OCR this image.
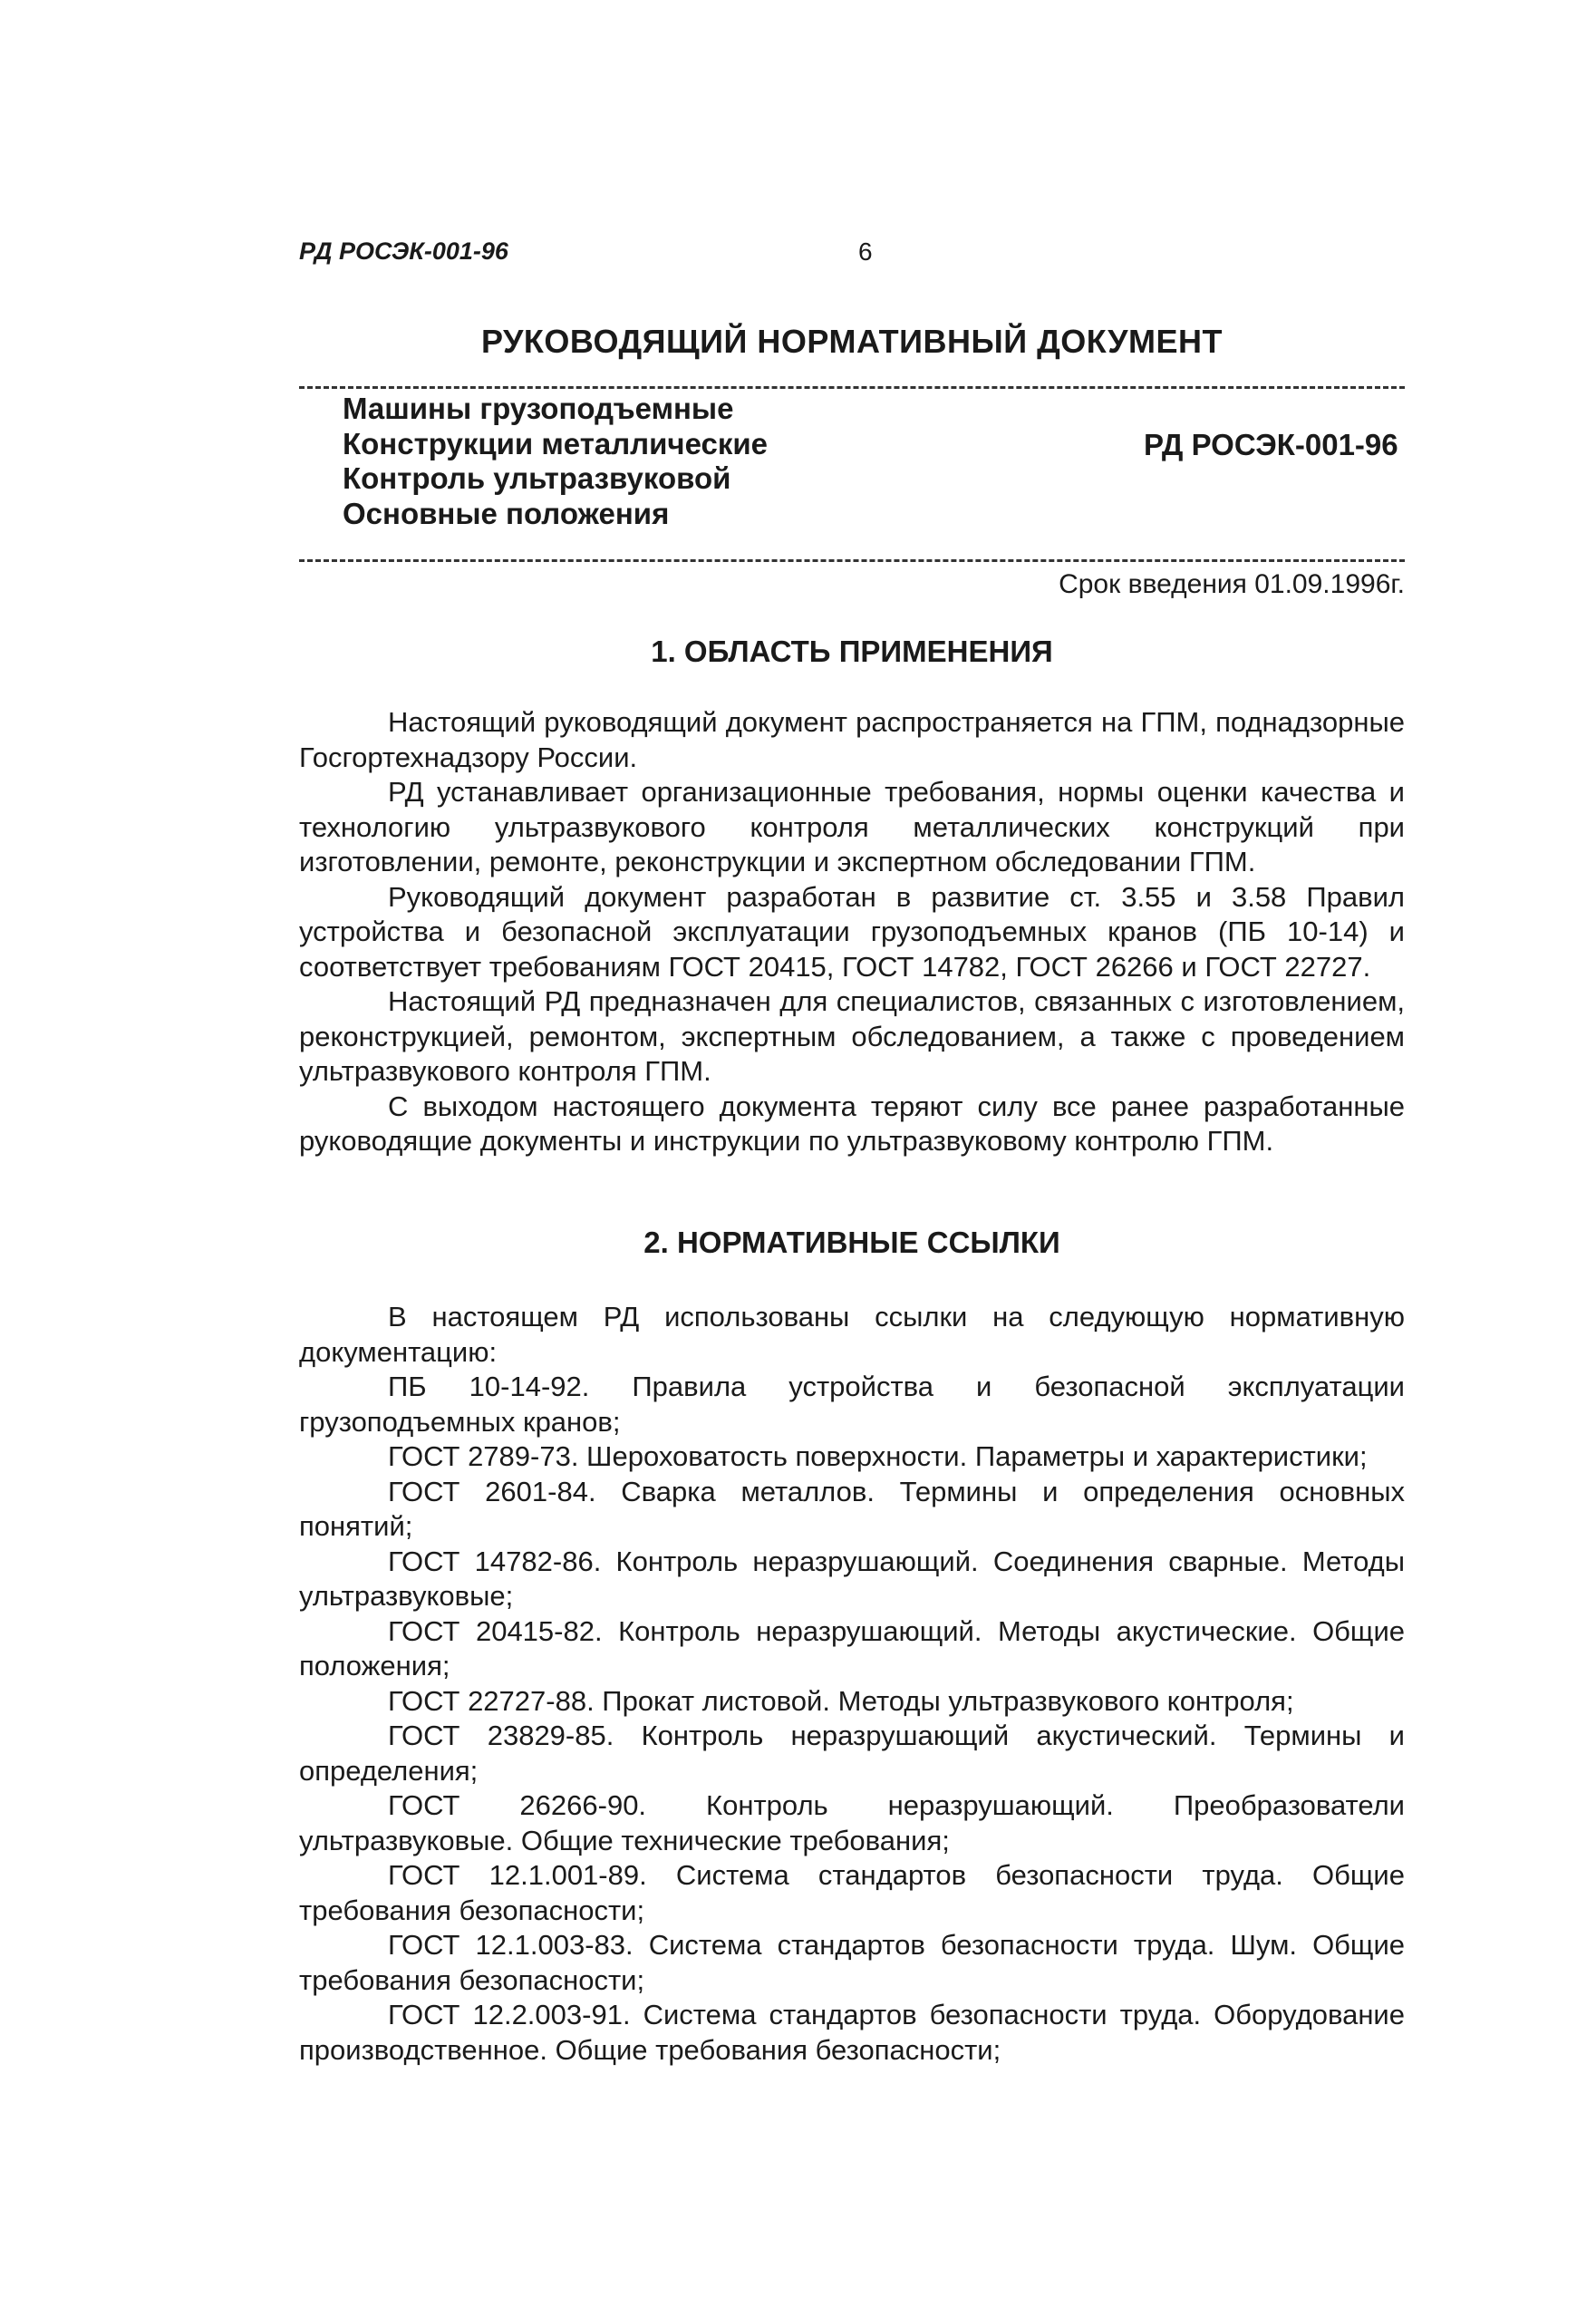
РД РОСЭК-001-96	6
РУКОВОДЯЩИЙ НОРМАТИВНЫЙ ДОКУМЕНТ
Машины грузоподъемные
Конструкции металлические
Контроль ультразвуковой
Основные положения
РД РОСЭК-001-96
Срок введения 01.09.1996г.
1. ОБЛАСТЬ ПРИМЕНЕНИЯ

Настоящий руководящий документ распространяется на ГПМ, поднадзорные Госгортехнадзору России.

РД устанавливает организационные требования, нормы оценки качества и технологию ультразвукового контроля металлических конструкций при изготовлении, ремонте, реконструкции и экспертном обследовании ГПМ.

Руководящий документ разработан в развитие ст. 3.55 и 3.58 Правил устройства и безопасной эксплуатации грузоподъемных кранов (ПБ 10-14) и соответствует требованиям ГОСТ 20415, ГОСТ 14782, ГОСТ 26266 и ГОСТ 22727.

Настоящий РД предназначен для специалистов, связанных с изготовлением, реконструкцией, ремонтом, экспертным обследованием, а также с проведением ультразвукового контроля ГПМ.

С выходом настоящего документа теряют силу все ранее разработанные руководящие документы и инструкции по ультразвуковому контролю ГПМ.

2. НОРМАТИВНЫЕ ССЫЛКИ

В настоящем РД использованы ссылки на следующую нормативную документацию:

ПБ 10-14-92. Правила устройства и безопасной эксплуатации грузоподъемных кранов;

ГОСТ 2789-73. Шероховатость поверхности. Параметры и характеристики;

ГОСТ 2601-84. Сварка металлов. Термины и определения основных понятий;

ГОСТ 14782-86. Контроль неразрушающий. Соединения сварные. Методы ультразвуковые;

ГОСТ 20415-82. Контроль неразрушающий. Методы акустические. Общие положения;

ГОСТ 22727-88. Прокат листовой. Методы ультразвукового контроля;

ГОСТ 23829-85. Контроль неразрушающий акустический. Термины и определения;

ГОСТ 26266-90. Контроль неразрушающий. Преобразователи ультразвуковые. Общие технические требования;

ГОСТ 12.1.001-89. Система стандартов безопасности труда. Общие требования безопасности;

ГОСТ 12.1.003-83. Система стандартов безопасности труда. Шум. Общие требования безопасности;

ГОСТ 12.2.003-91. Система стандартов безопасности труда. Оборудование производственное. Общие требования безопасности;
